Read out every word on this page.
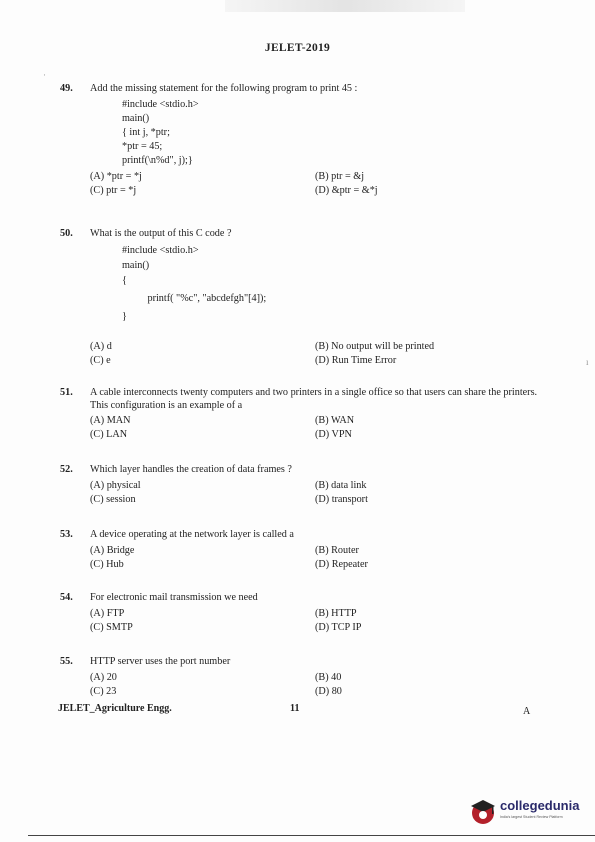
JELET-2019
49.	Add the missing statement for the following program to print 45 :
#include <stdio.h>
main()
{ int j, *ptr;
*ptr = 45;
printf(\n%d", j);}
(A) *ptr = *j	(B) ptr = &j
(C) ptr = *j	(D) &ptr = &*j
50.	What is the output of this C code ?
#include <stdio.h>
main()
{
printf( "%c", "abcdefgh"[4]);
}
(A) d	(B) No output will be printed
(C) e	(D) Run Time Error
51.	A cable interconnects twenty computers and two printers in a single office so that users can share the printers. This configuration is an example of a
(A) MAN	(B) WAN
(C) LAN	(D) VPN
52.	Which layer handles the creation of data frames ?
(A) physical	(B) data link
(C) session	(D) transport
53.	A device operating at the network layer is called a
(A) Bridge	(B) Router
(C) Hub	(D) Repeater
54.	For electronic mail transmission we need
(A) FTP	(B) HTTP
(C) SMTP	(D) TCP IP
55.	HTTP server uses the port number
(A) 20	(B) 40
(C) 23	(D) 80
JELET_Agriculture Engg.	11	A
·
ı
collegedunia
India's largest Student Review Platform
